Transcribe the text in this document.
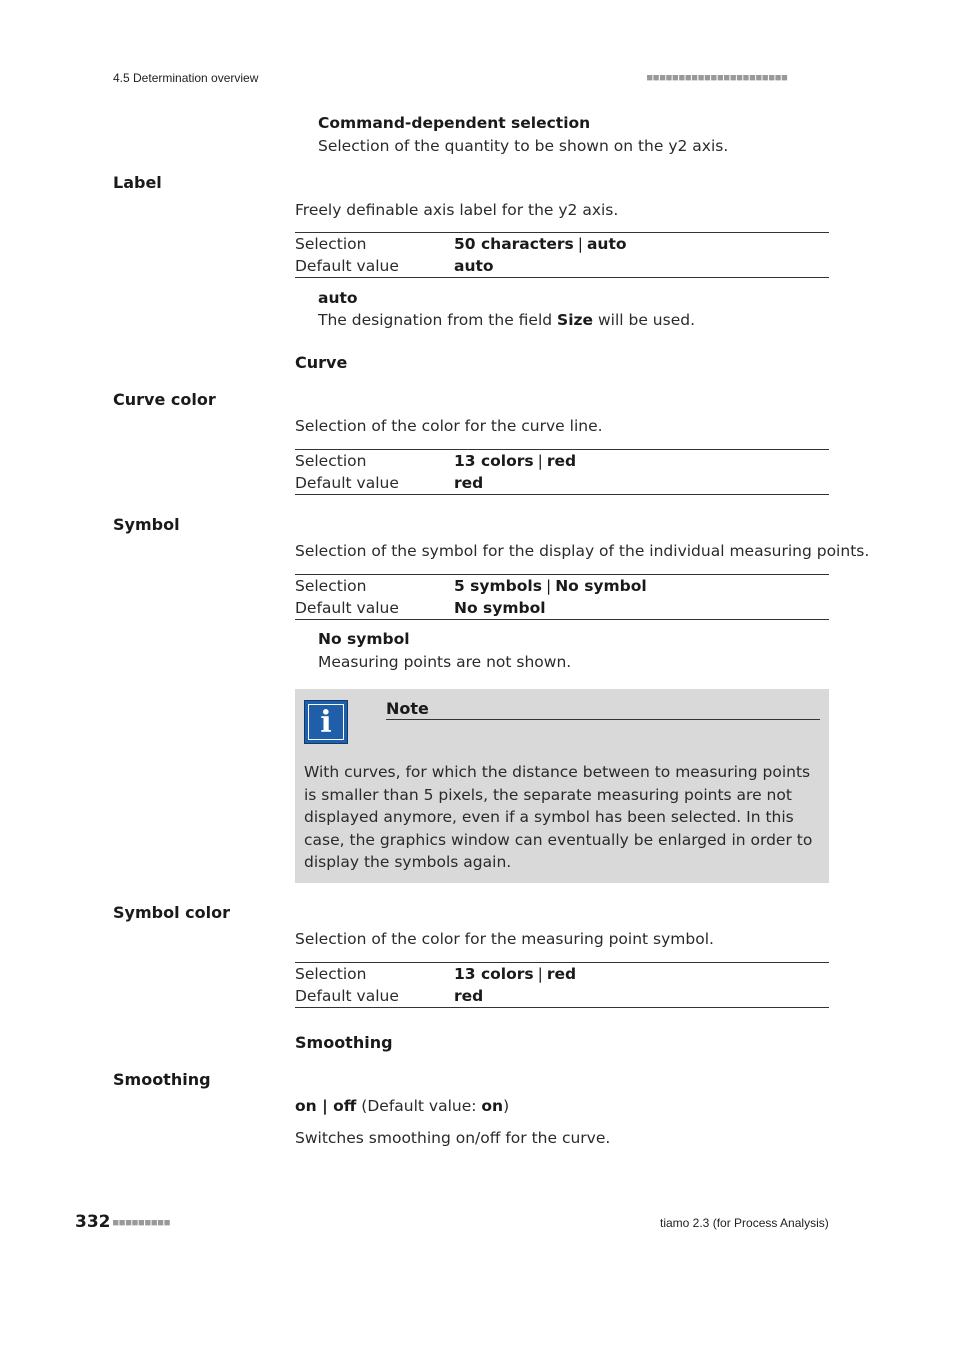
4.5 Determination overview	■■■■■■■■■■■■■■■■■■■■■■
Command-dependent selection
Selection of the quantity to be shown on the y2 axis.
Label
Freely definable axis label for the y2 axis.
Selection	50 characters | auto
Default value	auto
auto
The designation from the field Size will be used.
Curve
Curve color
Selection of the color for the curve line.
Selection	13 colors | red
Default value	red
Symbol
Selection of the symbol for the display of the individual measuring points.
Selection	5 symbols | No symbol
Default value	No symbol
No symbol
Measuring points are not shown.
i	Note
With curves, for which the distance between to measuring points is smaller than 5 pixels, the separate measuring points are not displayed anymore, even if a symbol has been selected. In this case, the graphics window can eventually be enlarged in order to display the symbols again.
Symbol color
Selection of the color for the measuring point symbol.
Selection	13 colors | red
Default value	red
Smoothing
Smoothing
on | off (Default value: on)
Switches smoothing on/off for the curve.
332 ■■■■■■■■■	tiamo 2.3 (for Process Analysis)
